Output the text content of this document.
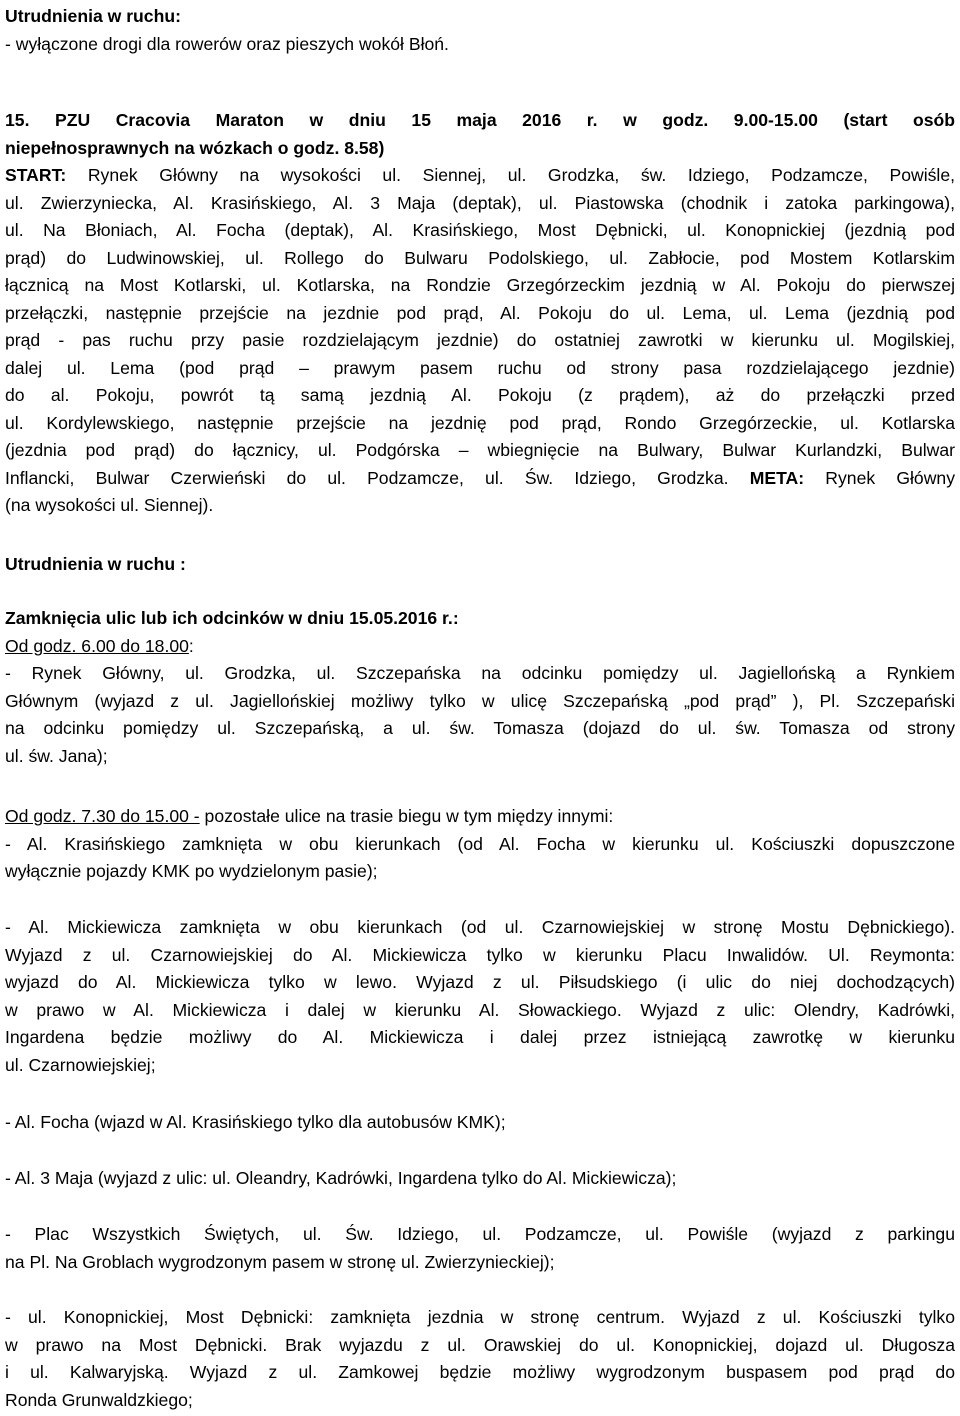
Utrudnienia w ruchu:
- wyłączone drogi dla rowerów oraz pieszych wokół Błoń.
15. PZU Cracovia Maraton w dniu 15 maja 2016 r. w godz. 9.00-15.00 (start osób
niepełnosprawnych na wózkach o godz. 8.58)
START: Rynek Główny na wysokości ul. Siennej, ul. Grodzka, św. Idziego, Podzamcze, Powiśle,
ul. Zwierzyniecka, Al. Krasińskiego, Al. 3 Maja (deptak), ul. Piastowska (chodnik i zatoka parkingowa),
ul. Na Błoniach, Al. Focha (deptak), Al. Krasińskiego, Most Dębnicki, ul. Konopnickiej (jezdnią pod
prąd) do Ludwinowskiej, ul. Rollego do Bulwaru Podolskiego, ul. Zabłocie, pod Mostem Kotlarskim
łącznicą na Most Kotlarski, ul. Kotlarska, na Rondzie Grzegórzeckim jezdnią w Al. Pokoju do pierwszej
przełączki, następnie przejście na jezdnie pod prąd, Al. Pokoju do ul. Lema, ul. Lema (jezdnią pod
prąd - pas ruchu przy pasie rozdzielającym jezdnie) do ostatniej zawrotki w kierunku ul. Mogilskiej,
dalej ul. Lema (pod prąd – prawym pasem ruchu od strony pasa rozdzielającego jezdnie)
do al. Pokoju, powrót tą samą jezdnią Al. Pokoju (z prądem), aż do przełączki przed
ul. Kordylewskiego, następnie przejście na jezdnię pod prąd, Rondo Grzegórzeckie, ul. Kotlarska
(jezdnia pod prąd) do łącznicy, ul. Podgórska – wbiegnięcie na Bulwary, Bulwar Kurlandzki, Bulwar
Inflancki, Bulwar Czerwieński do ul. Podzamcze, ul. Św. Idziego, Grodzka. META: Rynek Główny
(na wysokości ul. Siennej).
Utrudnienia w ruchu :
Zamknięcia ulic lub ich odcinków w dniu 15.05.2016 r.:
Od godz. 6.00 do 18.00:
- Rynek Główny, ul. Grodzka, ul. Szczepańska na odcinku pomiędzy ul. Jagiellońską a Rynkiem
Głównym (wyjazd z ul. Jagiellońskiej możliwy tylko w ulicę Szczepańską „pod prąd” ), Pl. Szczepański
na odcinku pomiędzy ul. Szczepańską, a ul. św. Tomasza (dojazd do ul. św. Tomasza od strony
ul. św. Jana);
Od godz. 7.30 do 15.00 - pozostałe ulice na trasie biegu w tym między innymi:
- Al. Krasińskiego zamknięta w obu kierunkach (od Al. Focha w kierunku ul. Kościuszki dopuszczone
wyłącznie pojazdy KMK po wydzielonym pasie);
- Al. Mickiewicza zamknięta w obu kierunkach (od ul. Czarnowiejskiej w stronę Mostu Dębnickiego).
Wyjazd z ul. Czarnowiejskiej do Al. Mickiewicza tylko w kierunku Placu Inwalidów. Ul. Reymonta:
wyjazd do Al. Mickiewicza tylko w lewo. Wyjazd z ul. Piłsudskiego (i ulic do niej dochodzących)
w prawo w Al. Mickiewicza i dalej w kierunku Al. Słowackiego. Wyjazd z ulic: Olendry, Kadrówki,
Ingardena będzie możliwy do Al. Mickiewicza i dalej przez istniejącą zawrotkę w kierunku
ul. Czarnowiejskiej;
- Al. Focha (wjazd w Al. Krasińskiego tylko dla autobusów KMK);
- Al. 3 Maja (wyjazd z ulic: ul. Oleandry, Kadrówki, Ingardena tylko do Al. Mickiewicza);
- Plac Wszystkich Świętych, ul. Św. Idziego, ul. Podzamcze, ul. Powiśle (wyjazd z parkingu
na Pl. Na Groblach wygrodzonym pasem w stronę ul. Zwierzynieckiej);
- ul. Konopnickiej, Most Dębnicki: zamknięta jezdnia w stronę centrum. Wyjazd z ul. Kościuszki tylko
w prawo na Most Dębnicki. Brak wyjazdu z ul. Orawskiej do ul. Konopnickiej, dojazd ul. Długosza
i ul. Kalwaryjską. Wyjazd z ul. Zamkowej będzie możliwy wygrodzonym buspasem pod prąd do
Ronda Grunwaldzkiego;
